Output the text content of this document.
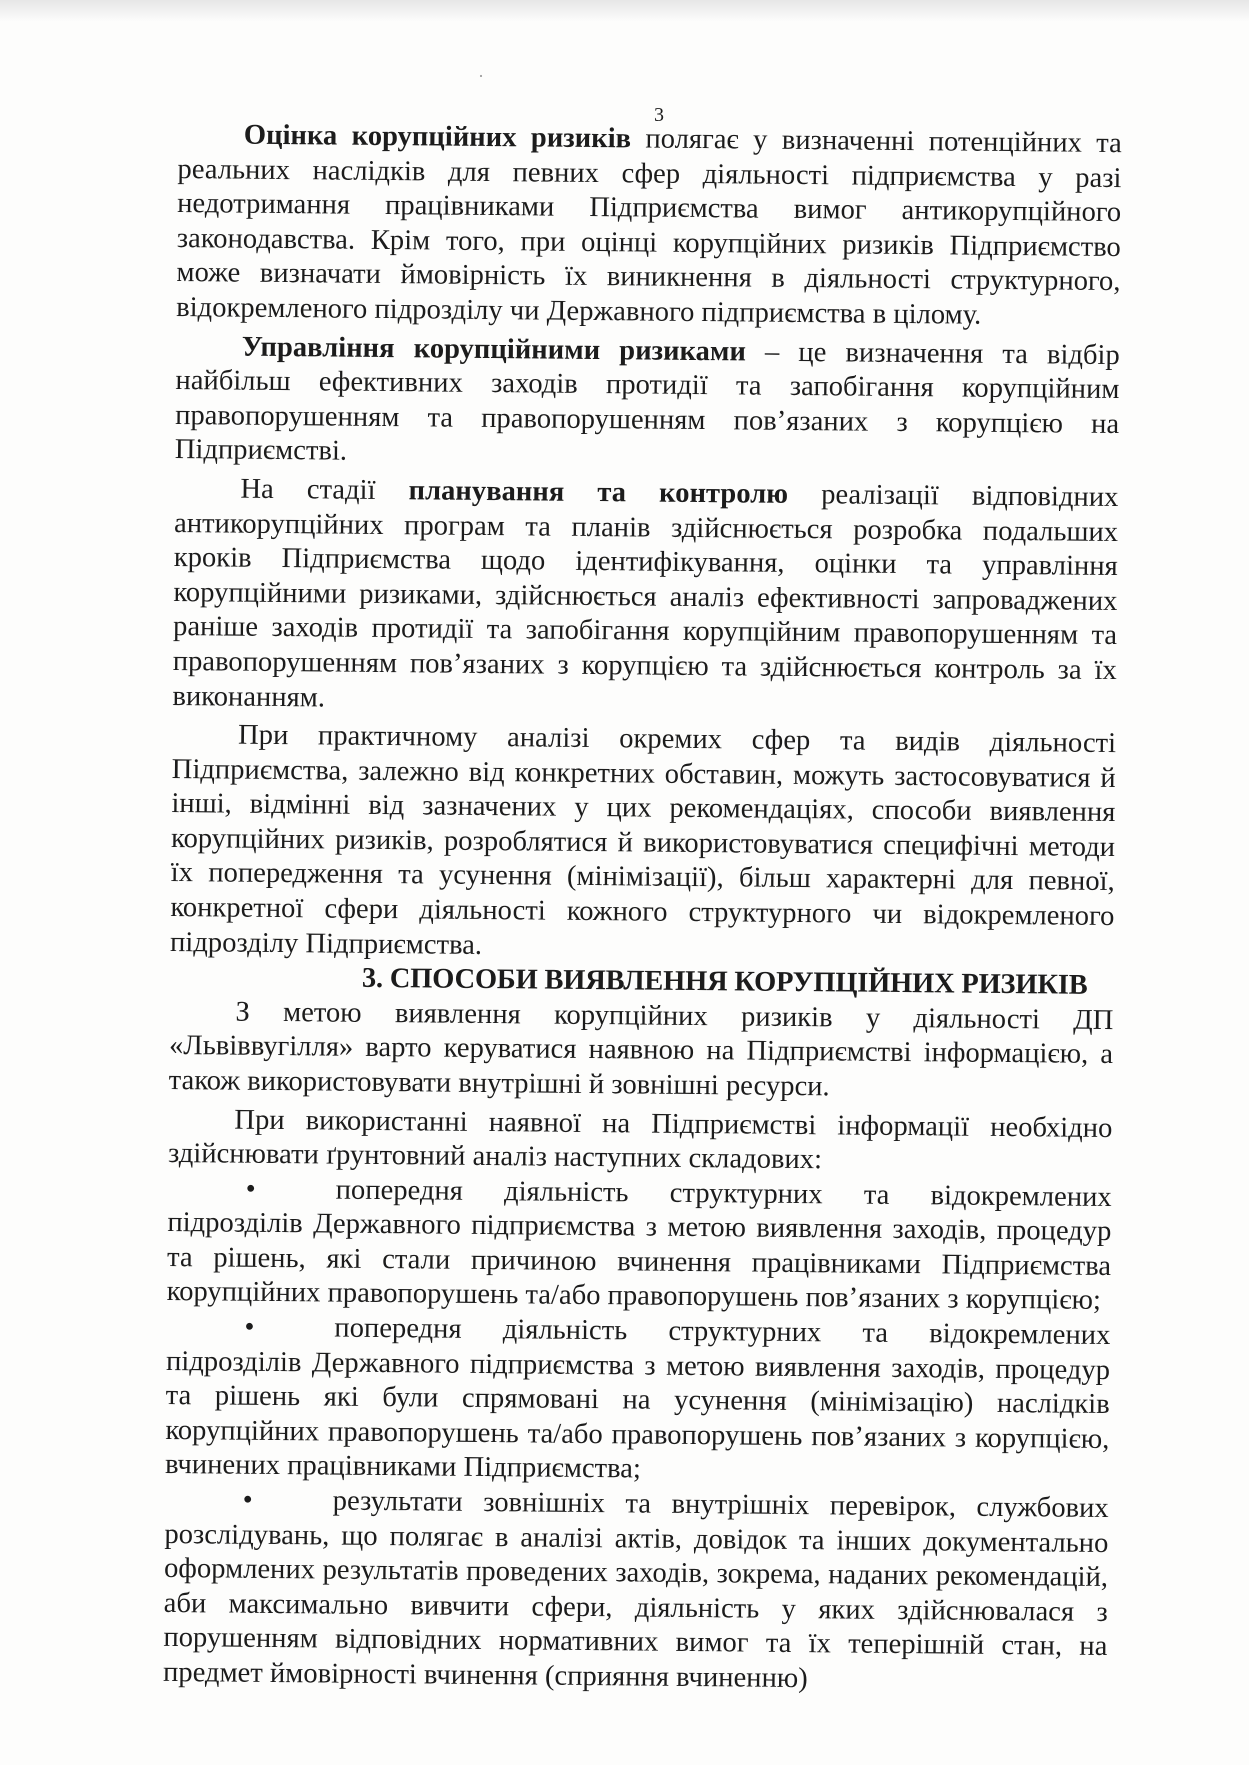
·
3

Оцінка корупційних ризиків полягає у визначенні потенційних та реальних наслідків для певних сфер діяльності підприємства у разі недотримання працівниками Підприємства вимог антикорупційного законодавства. Крім того, при оцінці корупційних ризиків Підприємство може визначати ймовірність їх виникнення в діяльності структурного, відокремленого підрозділу чи Державного підприємства в цілому.

Управління корупційними ризиками – це визначення та відбір найбільш ефективних заходів протидії та запобігання корупційним правопорушенням та правопорушенням пов’язаних з корупцією на Підприємстві.

На стадії планування та контролю реалізації відповідних антикорупційних програм та планів здійснюється розробка подальших кроків Підприємства щодо ідентифікування, оцінки та управління корупційними ризиками, здійснюється аналіз ефективності запроваджених раніше заходів протидії та запобігання корупційним правопорушенням та правопорушенням пов’язаних з корупцією та здійснюється контроль за їх виконанням.

При практичному аналізі окремих сфер та видів діяльності Підприємства, залежно від конкретних обставин, можуть застосовуватися й інші, відмінні від зазначених у цих рекомендаціях, способи виявлення корупційних ризиків, розроблятися й використовуватися специфічні методи їх попередження та усунення (мінімізації), більш характерні для певної, конкретної сфери діяльності кожного структурного чи відокремленого підрозділу Підприємства.

3. СПОСОБИ ВИЯВЛЕННЯ КОРУПЦІЙНИХ РИЗИКІВ

З метою виявлення корупційних ризиків у діяльності ДП «Львіввугілля» варто керуватися наявною на Підприємстві інформацією, а також використовувати внутрішні й зовнішні ресурси.

При використанні наявної на Підприємстві інформації необхідно здійснювати ґрунтовний аналіз наступних складових:

•	попередня діяльність структурних та відокремлених підрозділів Державного підприємства з метою виявлення заходів, процедур та рішень, які стали причиною вчинення працівниками Підприємства корупційних правопорушень та/або правопорушень пов’язаних з корупцією;
•	попередня діяльність структурних та відокремлених підрозділів Державного підприємства з метою виявлення заходів, процедур та рішень які були спрямовані на усунення (мінімізацію) наслідків корупційних правопорушень та/або правопорушень пов’язаних з корупцією, вчинених працівниками Підприємства;
•	результати зовнішніх та внутрішніх перевірок, службових розслідувань, що полягає в аналізі актів, довідок та інших документально оформлених результатів проведених заходів, зокрема, наданих рекомендацій, аби максимально вивчити сфери, діяльність у яких здійснювалася з порушенням відповідних нормативних вимог та їх теперішній стан, на предмет ймовірності вчинення (сприяння вчиненню)
